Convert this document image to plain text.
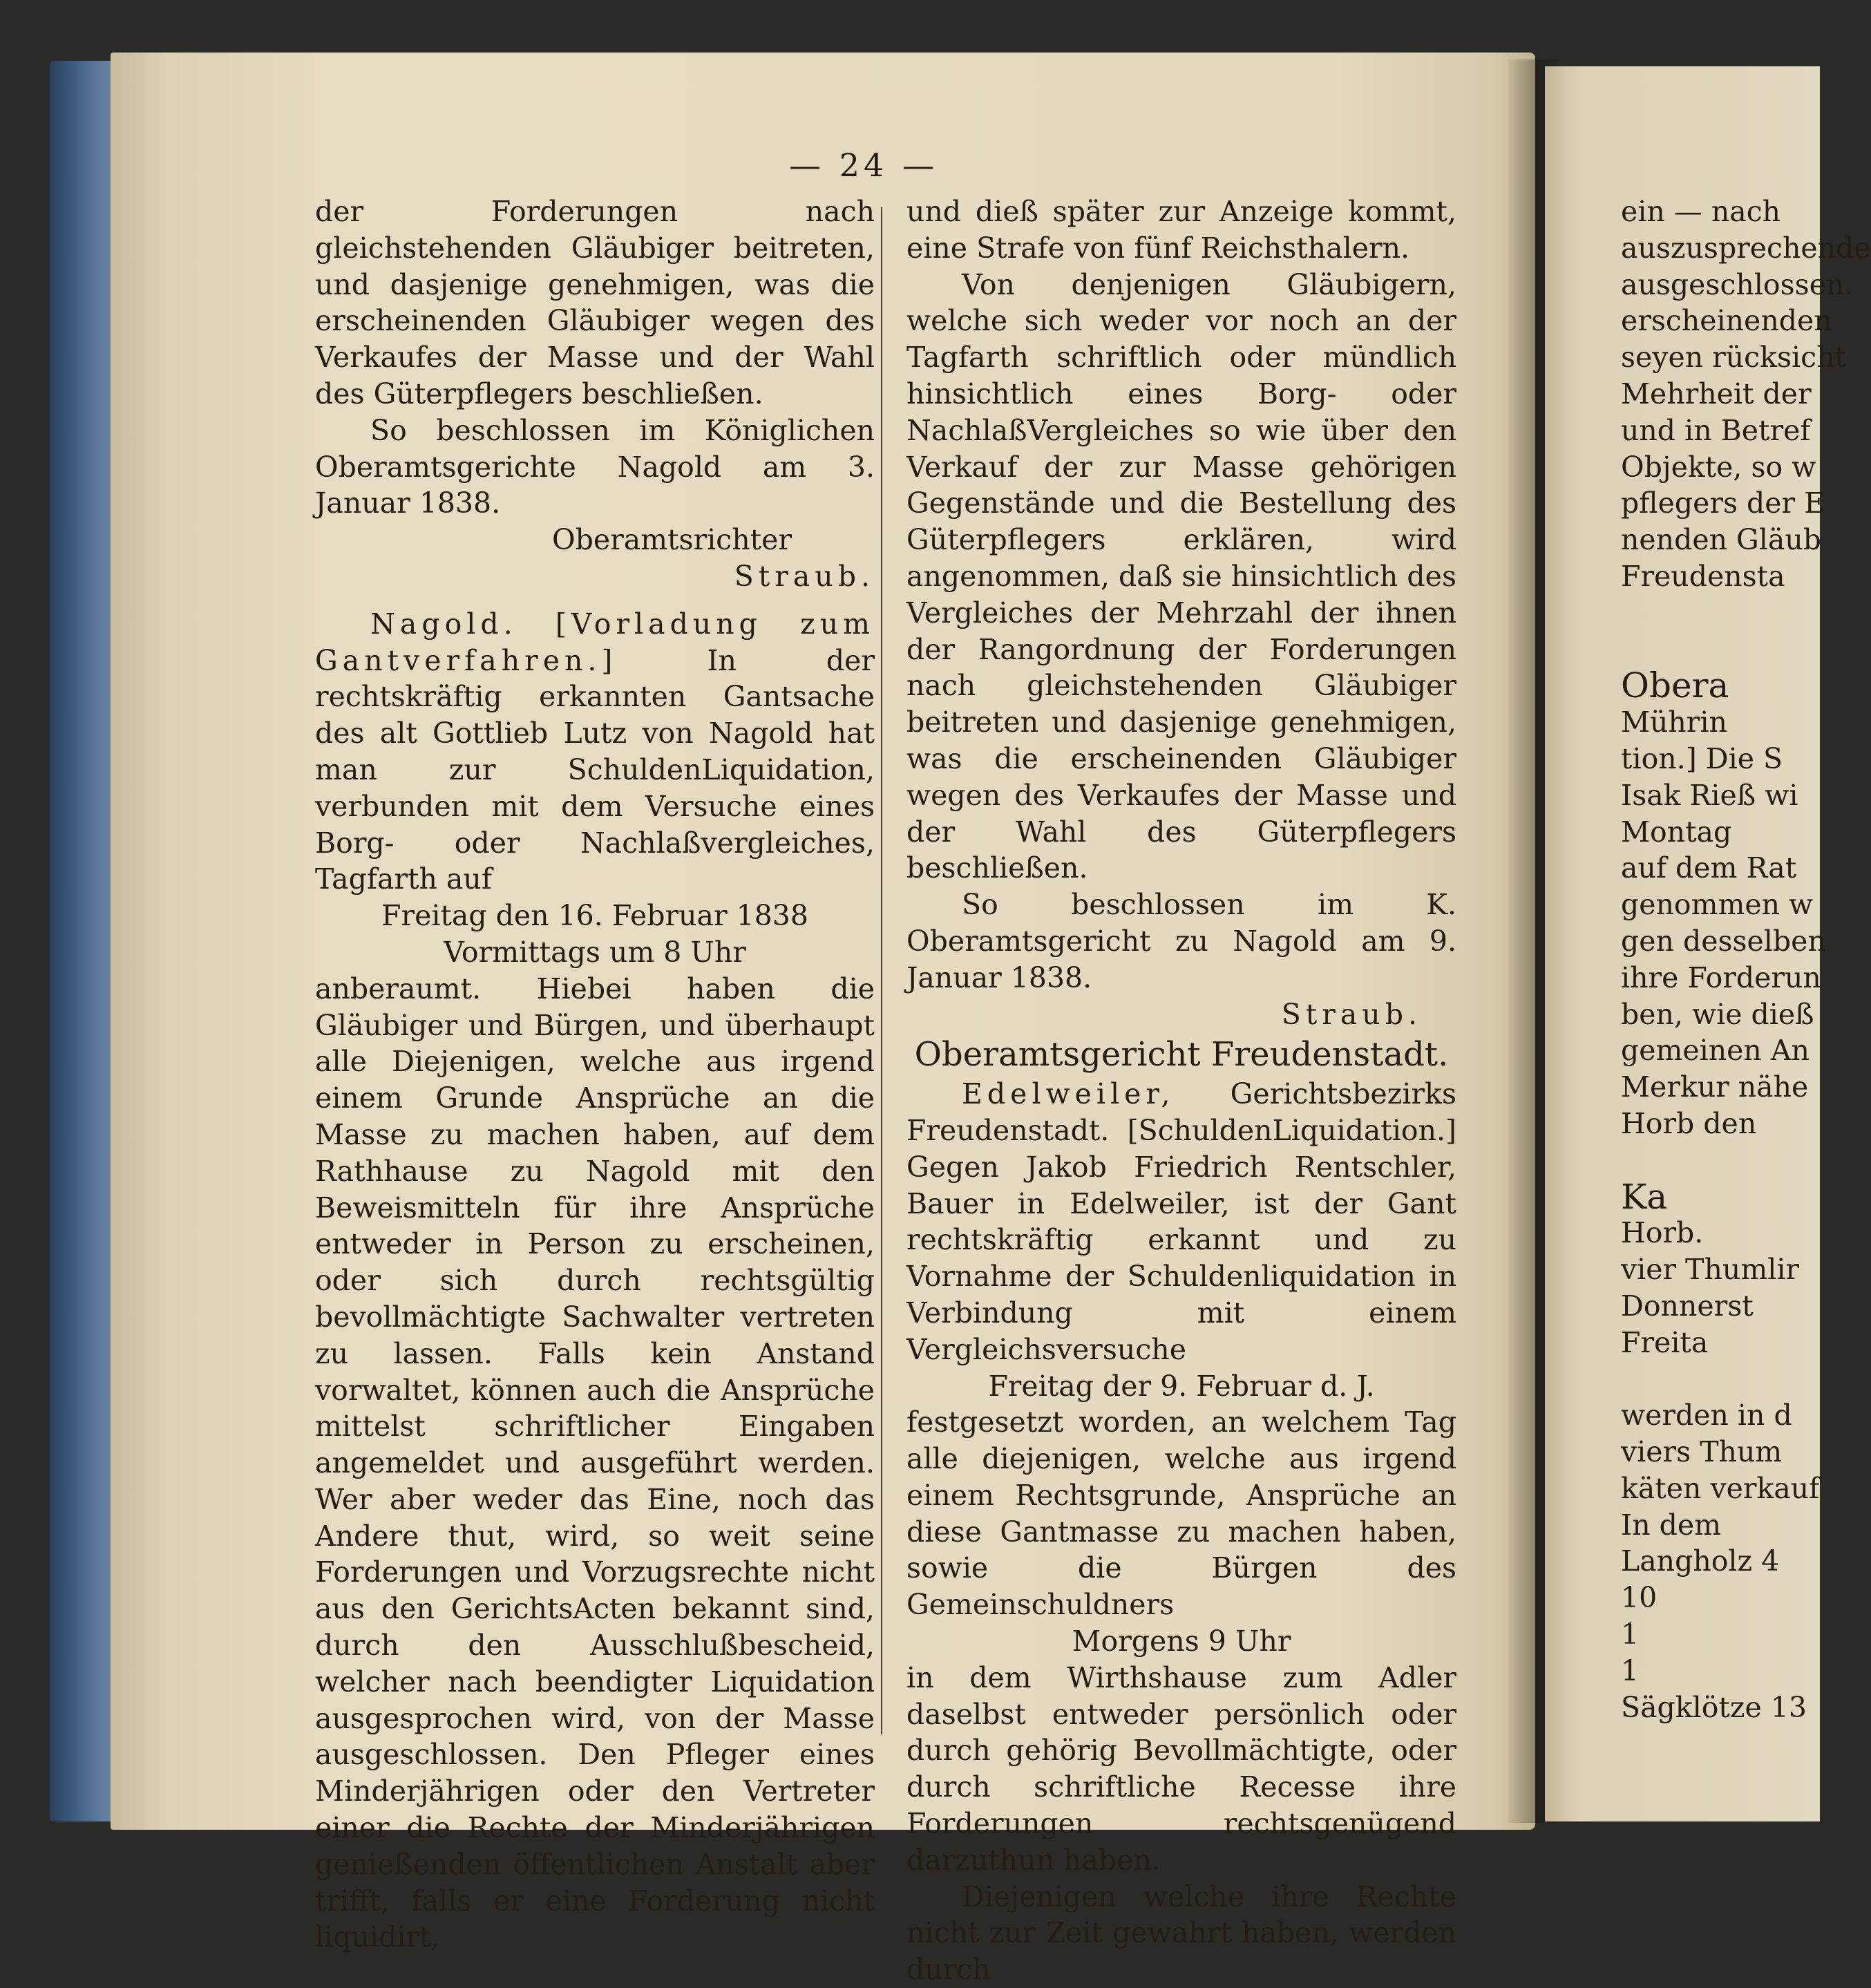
— 24 —

der Forderungen nach gleichstehenden Gläubiger beitreten, und dasjenige genehmigen, was die erscheinenden Gläubiger wegen des Verkaufes der Masse und der Wahl des Güterpflegers beschließen.

So beschlossen im Königlichen Oberamtsgerichte Nagold am 3. Januar 1838.

Oberamtsrichter

Straub.

Nagold. [Vorladung zum Gantverfahren.]	In der rechtskräftig erkannten Gantsache des alt Gottlieb Lutz von Nagold hat man zur SchuldenLiquidation, verbunden mit dem Versuche eines Borg- oder Nachlaßvergleiches, Tagfarth auf

Freitag den 16. Februar 1838

Vormittags um 8 Uhr

anberaumt. Hiebei haben die Gläubiger und Bürgen, und überhaupt alle Diejenigen, welche aus irgend einem Grunde Ansprüche an die Masse zu machen haben, auf dem Rathhause zu Nagold mit den Beweismitteln für ihre Ansprüche entweder in Person zu erscheinen, oder sich durch rechtsgültig bevollmächtigte Sachwalter vertreten zu lassen. Falls kein Anstand vorwaltet, können auch die Ansprüche mittelst schriftlicher Eingaben angemeldet und ausgeführt werden. Wer aber weder das Eine, noch das Andere thut, wird, so weit seine Forderungen und Vorzugsrechte nicht aus den GerichtsActen bekannt sind, durch den Ausschlußbescheid, welcher nach beendigter Liquidation ausgesprochen wird, von der Masse ausgeschlossen. Den Pfleger eines Minderjährigen oder den Vertreter einer die Rechte der Minderjährigen genießenden öffentlichen Anstalt aber trifft, falls er eine Forderung nicht liquidirt,

und dieß später zur Anzeige kommt, eine Strafe von fünf Reichsthalern.

Von denjenigen Gläubigern, welche sich weder vor noch an der Tagfarth schriftlich oder mündlich hinsichtlich eines Borg- oder NachlaßVergleiches so wie über den Verkauf der zur Masse gehörigen Gegenstände und die Bestellung des Güterpflegers erklären, wird angenommen, daß sie hinsichtlich des Vergleiches der Mehrzahl der ihnen der Rangordnung der Forderungen nach gleichstehenden Gläubiger beitreten und dasjenige genehmigen, was die erscheinenden Gläubiger wegen des Verkaufes der Masse und der Wahl des Güterpflegers beschließen.

So beschlossen im K. Oberamtsgericht zu Nagold am 9. Januar 1838.

Straub.

Oberamtsgericht Freudenstadt.

Edelweiler, Gerichtsbezirks Freudenstadt. [SchuldenLiquidation.] Gegen Jakob Friedrich Rentschler, Bauer in Edelweiler, ist der Gant rechtskräftig erkannt und zu Vornahme der Schuldenliquidation in Verbindung mit einem Vergleichsversuche

Freitag der 9. Februar d. J.

festgesetzt worden, an welchem Tag alle diejenigen, welche aus irgend einem Rechtsgrunde, Ansprüche an diese Gantmasse zu machen haben, sowie die Bürgen des Gemeinschuldners

Morgens 9 Uhr

in dem Wirthshause zum Adler daselbst entweder persönlich oder durch gehörig Bevollmächtigte, oder durch schriftliche Recesse ihre Forderungen rechtsgenügend darzuthun haben.

Diejenigen welche ihre Rechte nicht zur Zeit gewahrt haben, werden durch

ein — nach
auszusprechende
ausgeschlossen.
erscheinenden
seyen rücksicht
Mehrheit der
und in Betref
Objekte, so w
pflegers der E
nenden Gläub
Freudensta

Obera
Mührin
tion.] Die S
Isak Rieß wi
Montag
auf dem Rat
genommen w
gen desselben
ihre Forderun
ben, wie dieß
gemeinen An
Merkur nähe
Horb den

Ka
Horb.
vier Thumlir
Donnerst
Freita

werden in d
viers Thum
käten verkauf
In dem
Langholz 4
10
1
1
Sägklötze 13
